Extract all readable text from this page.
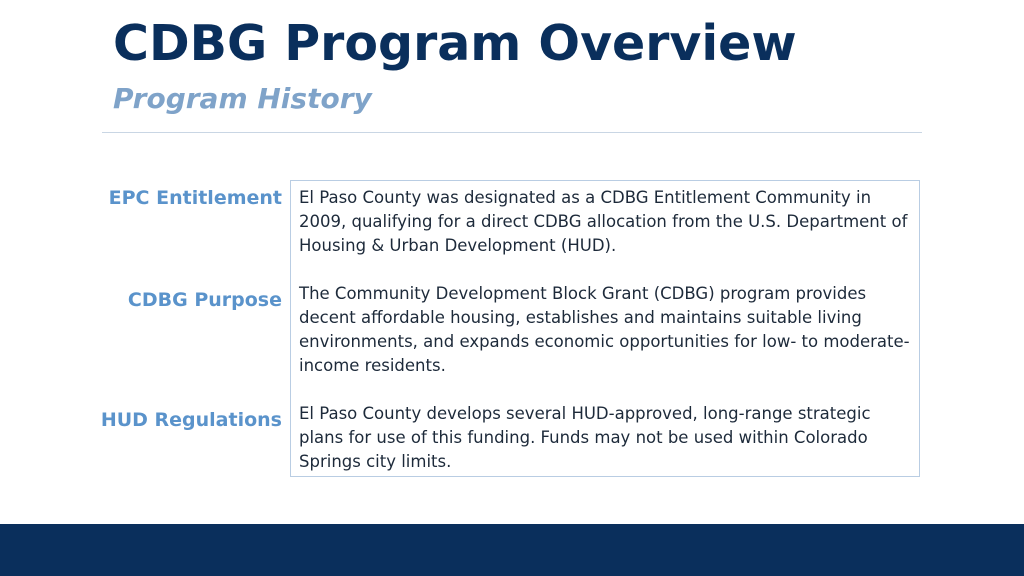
CDBG Program Overview
Program History
EPC Entitlement
CDBG Purpose
HUD Regulations

El Paso County was designated as a CDBG Entitlement Community in 2009, qualifying for a direct CDBG allocation from the U.S. Department of Housing & Urban Development (HUD).

The Community Development Block Grant (CDBG) program provides decent affordable housing, establishes and maintains suitable living environments, and expands economic opportunities for low- to moderate-income residents.

El Paso County develops several HUD-approved, long-range strategic plans for use of this funding. Funds may not be used within Colorado Springs city limits.
